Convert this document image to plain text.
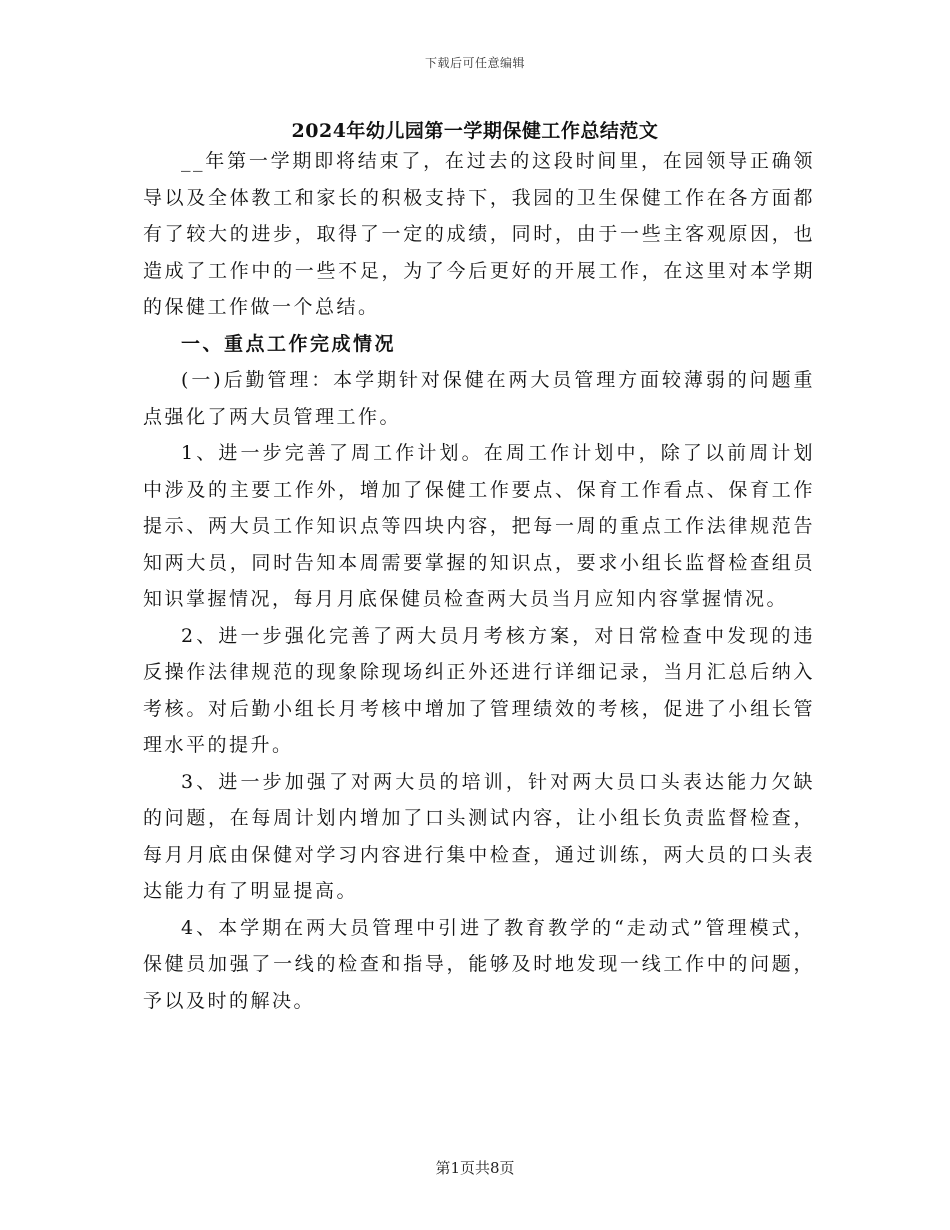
下载后可任意编辑
2024年幼儿园第一学期保健工作总结范文

__年第一学期即将结束了，在过去的这段时间里，在园领导正确领导以及全体教工和家长的积极支持下，我园的卫生保健工作在各方面都有了较大的进步，取得了一定的成绩，同时，由于一些主客观原因，也造成了工作中的一些不足，为了今后更好的开展工作，在这里对本学期的保健工作做一个总结。

一、重点工作完成情况

(一)后勤管理：本学期针对保健在两大员管理方面较薄弱的问题重点强化了两大员管理工作。

1、进一步完善了周工作计划。在周工作计划中，除了以前周计划中涉及的主要工作外，增加了保健工作要点、保育工作看点、保育工作提示、两大员工作知识点等四块内容，把每一周的重点工作法律规范告知两大员，同时告知本周需要掌握的知识点，要求小组长监督检查组员知识掌握情况，每月月底保健员检查两大员当月应知内容掌握情况。

2、进一步强化完善了两大员月考核方案，对日常检查中发现的违反操作法律规范的现象除现场纠正外还进行详细记录，当月汇总后纳入考核。对后勤小组长月考核中增加了管理绩效的考核，促进了小组长管理水平的提升。

3、进一步加强了对两大员的培训，针对两大员口头表达能力欠缺的问题，在每周计划内增加了口头测试内容，让小组长负责监督检查，每月月底由保健对学习内容进行集中检查，通过训练，两大员的口头表达能力有了明显提高。

4、本学期在两大员管理中引进了教育教学的“走动式”管理模式，保健员加强了一线的检查和指导，能够及时地发现一线工作中的问题，予以及时的解决。

第1页共8页
